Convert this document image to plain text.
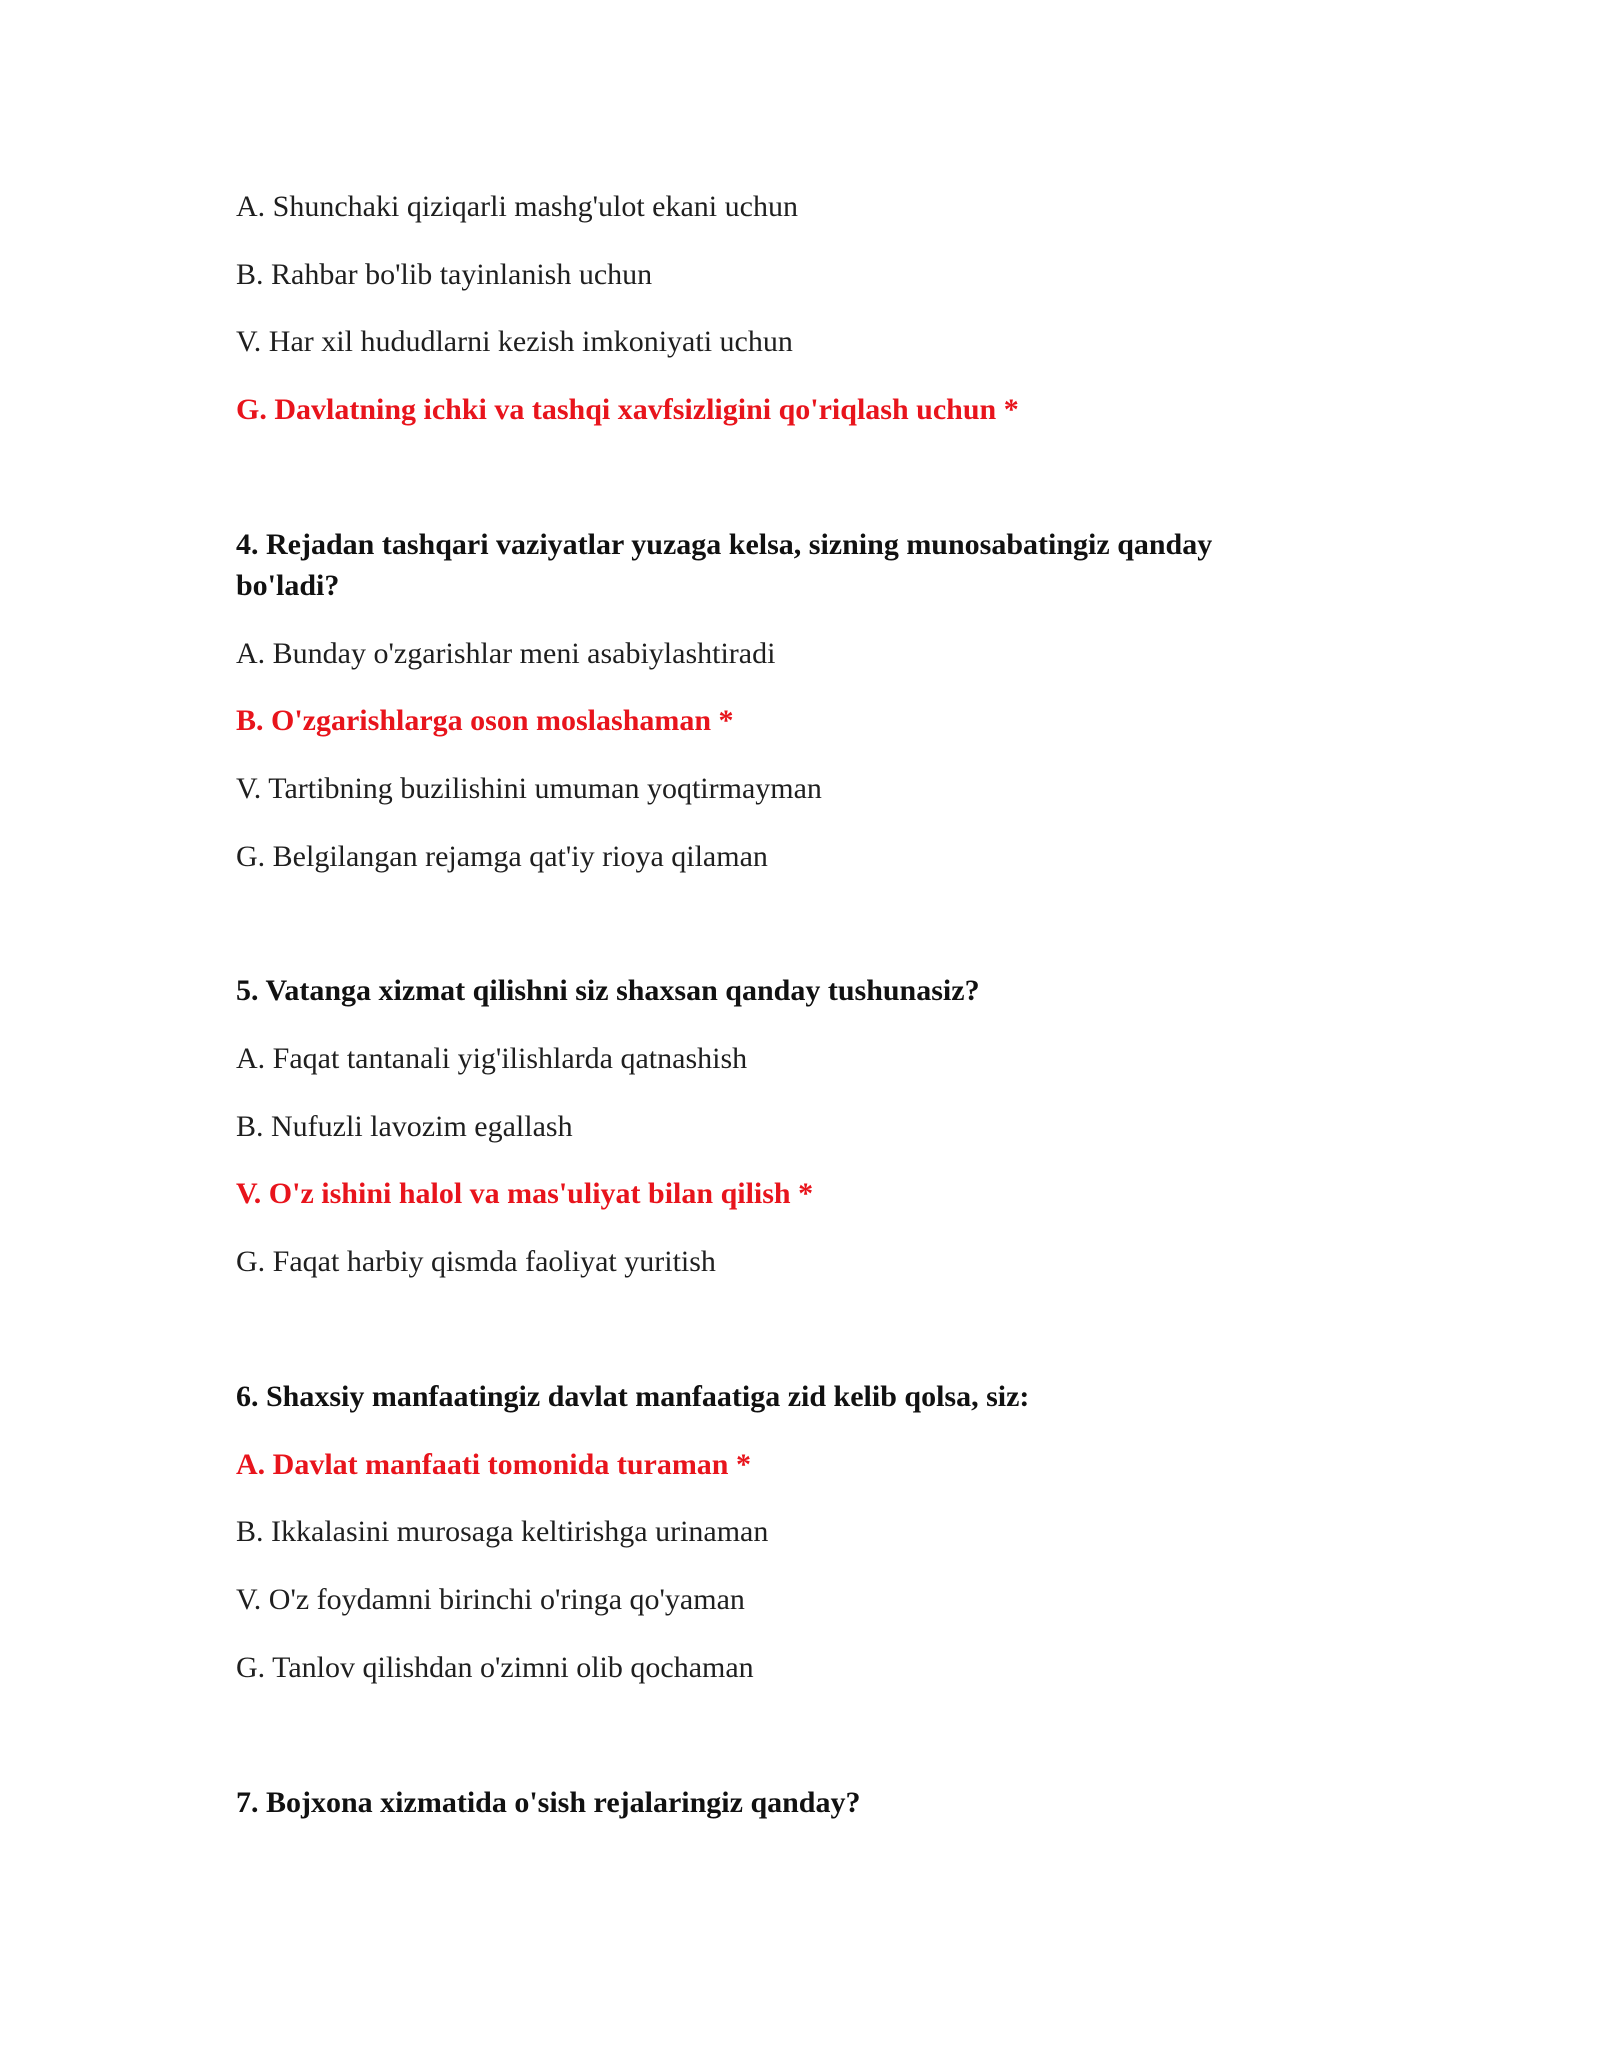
A. Shunchaki qiziqarli mashg'ulot ekani uchun
B. Rahbar bo'lib tayinlanish uchun
V. Har xil hududlarni kezish imkoniyati uchun
G. Davlatning ichki va tashqi xavfsizligini qo'riqlash uchun *
4. Rejadan tashqari vaziyatlar yuzaga kelsa, sizning munosabatingiz qanday
bo'ladi?
A. Bunday o'zgarishlar meni asabiylashtiradi
B. O'zgarishlarga oson moslashaman *
V. Tartibning buzilishini umuman yoqtirmayman
G. Belgilangan rejamga qat'iy rioya qilaman
5. Vatanga xizmat qilishni siz shaxsan qanday tushunasiz?
A. Faqat tantanali yig'ilishlarda qatnashish
B. Nufuzli lavozim egallash
V. O'z ishini halol va mas'uliyat bilan qilish *
G. Faqat harbiy qismda faoliyat yuritish
6. Shaxsiy manfaatingiz davlat manfaatiga zid kelib qolsa, siz:
A. Davlat manfaati tomonida turaman *
B. Ikkalasini murosaga keltirishga urinaman
V. O'z foydamni birinchi o'ringa qo'yaman
G. Tanlov qilishdan o'zimni olib qochaman
7. Bojxona xizmatida o'sish rejalaringiz qanday?
